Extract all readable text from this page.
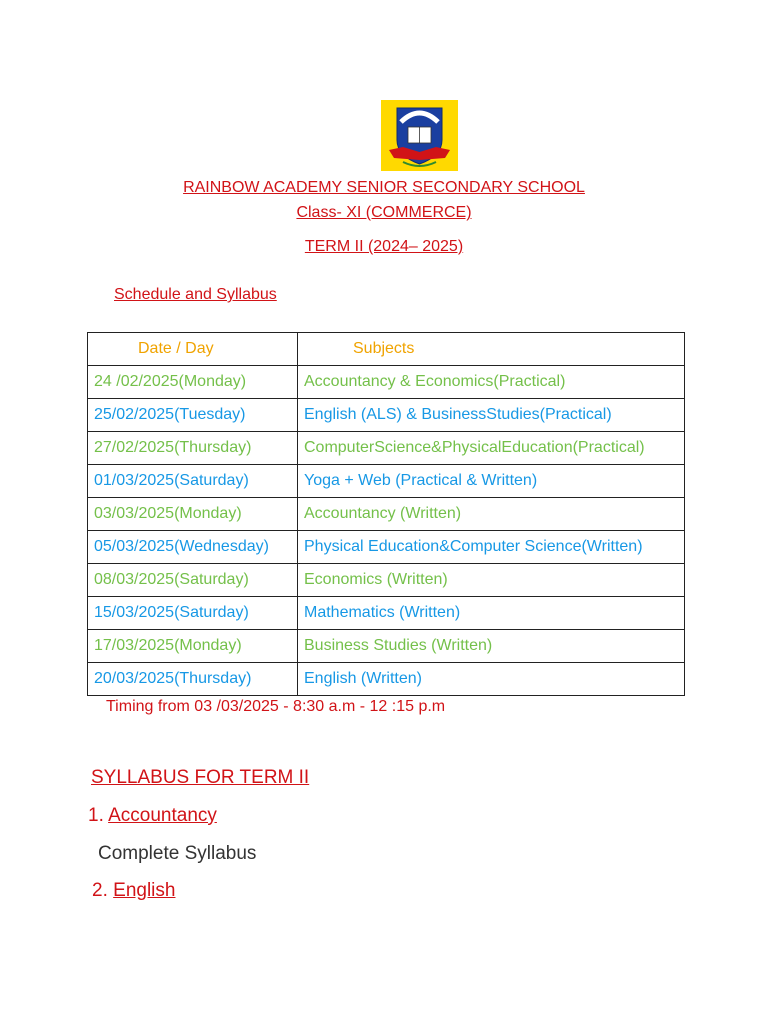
RAINBOW ACADEMY SENIOR SECONDARY SCHOOL
Class- XI (COMMERCE)
TERM II (2024– 2025)
Schedule and Syllabus
Date / Day	Subjects
24 /02/2025(Monday)	Accountancy & Economics(Practical)
25/02/2025(Tuesday)	English (ALS) & BusinessStudies(Practical)
27/02/2025(Thursday)	ComputerScience&PhysicalEducation(Practical)
01/03/2025(Saturday)	Yoga + Web (Practical & Written)
03/03/2025(Monday)	Accountancy (Written)
05/03/2025(Wednesday)	Physical Education&Computer Science(Written)
08/03/2025(Saturday)	Economics (Written)
15/03/2025(Saturday)	Mathematics (Written)
17/03/2025(Monday)	Business Studies (Written)
20/03/2025(Thursday)	English (Written)
Timing from 03 /03/2025 - 8:30 a.m - 12 :15 p.m
SYLLABUS FOR TERM II
1. Accountancy
Complete Syllabus
2. English
